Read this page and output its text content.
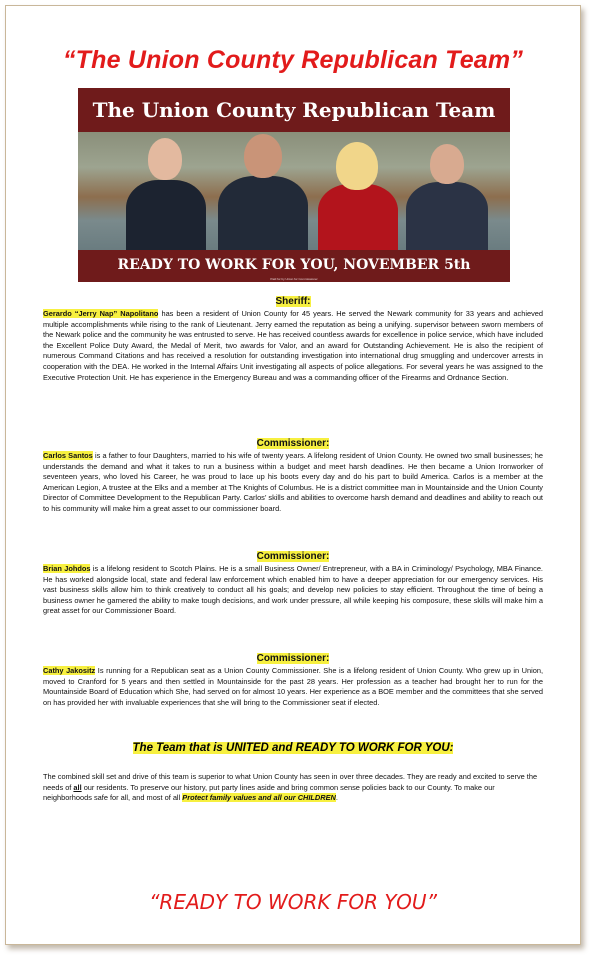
“The Union County Republican Team”
The Union County Republican Team
READY TO WORK FOR YOU, NOVEMBER 5th
Paid for by Union for Commissioner
Sheriff:
Gerardo “Jerry Nap” Napolitano has been a resident of Union County for 45 years. He served the Newark community for 33 years and achieved multiple accomplishments while rising to the rank of Lieutenant. Jerry earned the reputation as being a unifying. supervisor between sworn members of the Newark police and the community he was entrusted to serve. He has received countless awards for excellence in police service, which have included the Excellent Police Duty Award, the Medal of Merit, two awards for Valor, and an award for Outstanding Achievement. He is also the recipient of numerous Command Citations and has received a resolution for outstanding investigation into international drug smuggling and undercover arrests in cooperation with the DEA. He worked in the Internal Affairs Unit investigating all aspects of police allegations. For several years he was assigned to the Executive Protection Unit. He has experience in the Emergency Bureau and was a commanding officer of the Firearms and Ordnance Section.
Commissioner:
Carlos Santos is a father to four Daughters, married to his wife of twenty years. A lifelong resident of Union County. He owned two small businesses; he understands the demand and what it takes to run a business within a budget and meet harsh deadlines. He then became a Union Ironworker of seventeen years, who loved his Career, he was proud to lace up his boots every day and do his part to build America. Carlos is a member at the American Legion, A trustee at the Elks and a member at The Knights of Columbus. He is a district committee man in Mountainside and the Union County Director of Committee Development to the Republican Party. Carlos’ skills and abilities to overcome harsh demand and deadlines and ability to reach out to his community will make him a great asset to our commissioner board.
Commissioner:
Brian Johdos is a lifelong resident to Scotch Plains. He is a small Business Owner/ Entrepreneur, with a BA in Criminology/ Psychology, MBA Finance. He has worked alongside local, state and federal law enforcement which enabled him to have a deeper appreciation for our emergency services. His vast business skills allow him to think creatively to conduct all his goals; and develop new policies to stay efficient. Throughout the time of being a business owner he garnered the ability to make tough decisions, and work under pressure, all while keeping his composure, these skills will make him a great asset for our Commissioner Board.
Commissioner:
Cathy Jakositz Is running for a Republican seat as a Union County Commissioner. She is a lifelong resident of Union County. Who grew up in Union, moved to Cranford for 5 years and then settled in Mountainside for the past 28 years. Her profession as a teacher had brought her to run for the Mountainside Board of Education which She, had served on for almost 10 years. Her experience as a BOE member and the committees that she served on has provided her with invaluable experiences that she will bring to the Commissioner seat if elected.
The Team that is UNITED and READY TO WORK FOR YOU:
The combined skill set and drive of this team is superior to what Union County has seen in over three decades. They are ready and excited to serve the needs of all our residents. To preserve our history, put party lines aside and bring common sense policies back to our County. To make our neighborhoods safe for all, and most of all Protect family values and all our CHILDREN.
“READY TO WORK FOR YOU”
